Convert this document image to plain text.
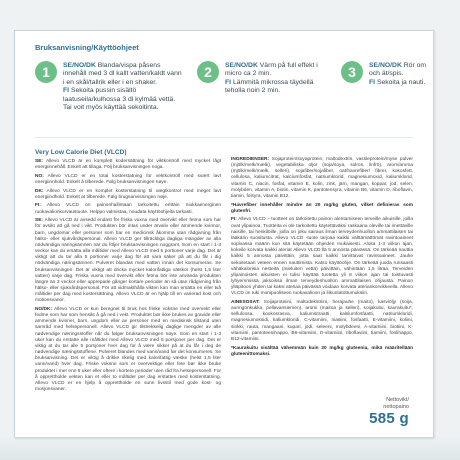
Bruksanvisning/Käyttöohjeet
1	SE/NO/DK Blanda/vispa påsens innehåll med 3 dl kallt vatten/kaldt vann i en skål/tallrik eller i en shaker.
FI Sekoita pussin sisältö laatuseila/kulhossa 3 dl kylmää vettä. Tai voit myös käyttää sekoitinta.
2	SE/NO/DK Värm på full effekt i micro ca 2 min.
FI Lämmitä mikrossa täydellä teholla noin 2 min.
3	SE/NO/DK Rör om och ät/spis.
FI Sekoita ja nauti.
Very Low Calorie Diet (VLCD)

SE: Allevo VLCD är en komplett kodersättning för viktkontroll med mycket lågt energiinnehåll. Enkelt att tillaga. Följ bruksanvisningen noga.

NO: Allevo VLCD er en total kosterstatning for vektkontroll med svært lavt energiinnhold. Enkelt å tilberede. Følg bruksanvisningen nøye.

DK: Allevo VLCD er en komplet kosterstatning til vægtkontrol med meget lavt energiindhold. Enkelt at tilberede. Følg brugsanvisningen nøje.

FI: Allevo VLCD on painonhallintaan tarkoitettu erittäin niukkaenerginen ruokavalionkorvaustuote. Helppo valmistaa, noudata käyttöohjeita tarkasti.

SE: Allevo VLCD är avsedd endast för friska vuxna med övervikt eller fetma som har för avsikt att gå ned i vikt. Produkten bör intas under ärvaliv eller ämmende kvinnor, barn, ungdomar eller personer som har en medicinsk åkomma utan rådgivning från hälso- eller sjukvårdspersonal. Allevo VLCD ger tillräckliga dagliga mängder av alla nödvändiga näringsämnen när du följer bruksanvisningen noggrant. Som en start i 1-3 veckor kan du ersätta alla måltider med Allevo VLCD med 5 portioner varje dag. Det är viktigt att du tar alla 5 portioner varje dag för att vara säker på att du får i dig nödvändiga näringsämnen. Pulveret blandas med vatten innan det konsumeras. Se bruksanvisningen. Det är viktigt att dricka mycket kalorifattiga vätskor (helst 1,5 liter vatten) varje dag. Friska vuxna med övervikt eller fetma bör inte använda produkten längre än 3 veckor eller upprepade gånger kortare perioder än så utan rådgivning från hälso- eller sjukvårdspersonal. För att vidmakthålla vikten kan man ersätta en eller två måltider per dag med kostersättning. Allevo VLCD är en hjälp till en varierad kost och motionsvanor.

NO/DK: Allevo VLCD er kun beregnet til bruk hos friske voksne med overvekt eller fedme som har som hensikt å gå ned i vekt. Produktet bør ikke brukes av gravide eller ammende kvinner, barn, ungdom eller av personer med en medisinsk tilstand uten samråd med helsepersonell. Allevo VLCD gir tilstrekkelig daglige mengder av alle nødvendige næringsstoffer når du følger bruksanvisningen nøye. Som en start i 1-3 uker kan du erstatte alle måltider med Allevo VLCD med 5 porsjoner per dag. Det er viktig at du tar alle 5 porsjoner hver dag for å være sikker på at du får i deg de nødvendige næringsstoffene. Pulveret blandes med vann/vand før det konsumeres. Se bruksanvisning. Det er viktig å drikke rikelig med kalorifattig væske (helst 1,5 liter vann/vand) hver dag. Friske voksne som er overvektige eller fete bør ikke bruke produktet i mer enn 8 uker eller oftere i kortere perioder uten råd fra helsepersonell. For å opprettholde vekten kan et eller to måltider per dag erstattes med kosterstatning. Allevo VLCD er en hjelp å opprettholde en sunn livsstil med gode kost- og mosjonsvaner.

INGREDIENSER: Sojaprotein/soyaprotein, maltodextrin, vassleprotein/myse pulver (mjölk/melk/mælk), vegetabiliska oljor (soja/soya, solros, linfrö), arom/aroma (mjölk/melk/mælk, selleri), sojafiber/sojafiber, oat/havrefiber/ fibrer, kokosfett, cellulosa, kaliumcitrat, kalciumfosfat, natriumklorid, magnesiumoxid, kaliumklorid, vitamin C, niacin, fosfat, vitamin E, kolin, zink, järn, mangan, koppar, jod, selen, molybden, vitamin A, biotin, vitamin K, pantotensyra, vitamin B6, vitamin D, riboflavin, tiamin, folsyra, vitamin B12.

*Havrefiber innehåller mindre än 20 mg/kg gluten, vilket definieras som glutenfri.

FI: Allevo VLCD – tuotteet on tarkoitettu painon alentamiseen terveille aikuisille, joilla ovat ylipainoa. Tuotteita ei ole tarkoitettu käytettäväksi raskaana oleville tai imettäville naisille, tai henkilöille, joilla on joku sairaus ilman terveydenhuollon ammattilaisen tai lääkärin suositusta. Allevo VLCD -tuote tarjoaa kaikki välttämättömät ravintoaineet sopivassa määrin kun sitä käytetään ohjeiden mukaisesti. Aloita 1-3 viikon ajan, kokeile korvata kaikki ateriat Allevo VLCD:llä 5 annosta päivässä. On tärkeää nauttia kaikki 5 annosta päivittäin, jotta saat kaikki tarvittavat ravintoaineet. Jauhe sekoitetaan veteen ennen nauttimista. Katso käyttöohje. On tärkeää juoda runsaasti vähäkalorisia nesteitä (mieluiten vettä) päivittäin, vähintään 1,5 litraa. Terveiden ylipainoisten aikuisten ei tulisi käyttää tuotetta yli 8 viikon ajan tai toistuvasti lyhyemmissä jaksoissa ilman terveydenhuollon ammattilaisen ohjausta. Painon ylläpitoon yhden tai kaksi ateriaa päivässä voidaan korvata ateriankorvikkeella. Allevo VLCD on tuki monipuoliseen ruokavalioon ja liikuntatottumuksiin.

AINESOSAT: Soijaproteiini, maltodekstriini, herajauhe (maito), kasviöljy (soija, auringonkukka, pellavansiemen), aromi (maitoa ja selleri), soijakuitu, kaurakuitu*, selluloosa, kookosrasva, kaliumsitraatti, kalsiumfosfaatti, natriumkloridi, magnesiumoksidi, kaliumkloridi, C-vitamiini, niasiini, fosfaatti, E-vitamiini, koliini, sinkki, rauta, mangaani, kupari, jodi, seleeni, molybdeeni, A-vitamiini, biotiini, K-vitamiini, pantoteenihappo, B6-vitamiini, D-vitamiini, riboflaviini, tiamiini, foolihappo, B12-vitamiini.

*Kaurakuitu sisältää vähemmän kuin 20 mg/kg gluteenia, mikä määritellään gluteenittomaksi.

Nettovikt/
nettopaino
585 g
